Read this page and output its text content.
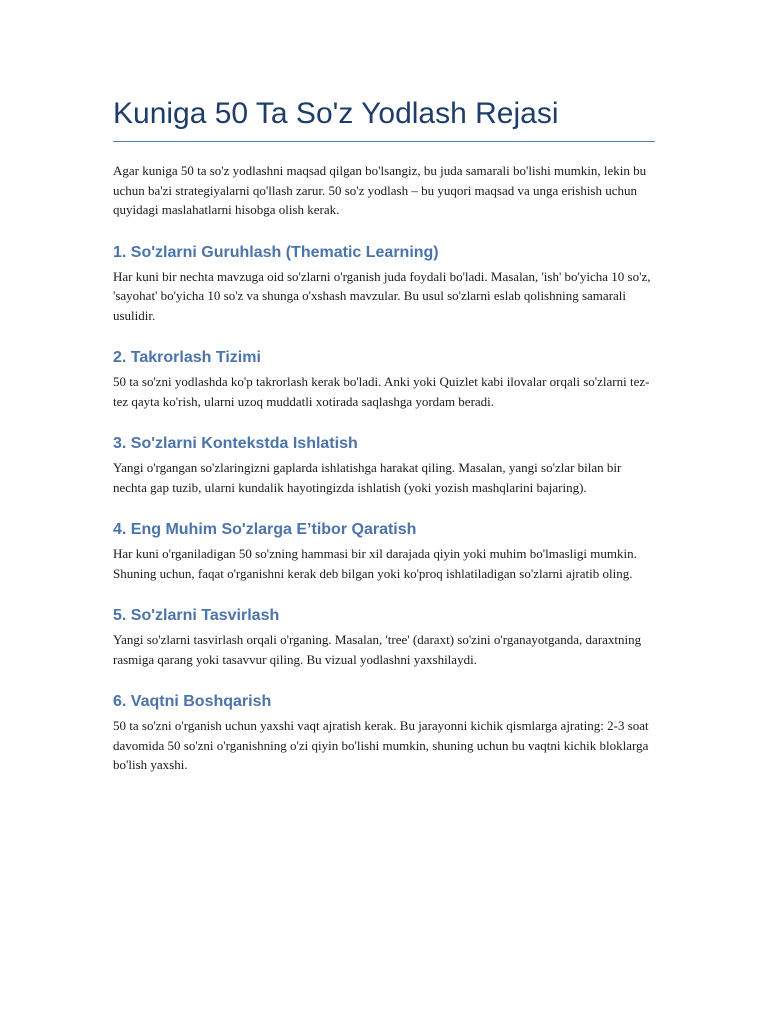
Kuniga 50 Ta So'z Yodlash Rejasi

Agar kuniga 50 ta so'z yodlashni maqsad qilgan bo'lsangiz, bu juda samarali bo'lishi mumkin, lekin bu uchun ba'zi strategiyalarni qo'llash zarur. 50 so'z yodlash – bu yuqori maqsad va unga erishish uchun quyidagi maslahatlarni hisobga olish kerak.

1. So'zlarni Guruhlash (Thematic Learning)

Har kuni bir nechta mavzuga oid so'zlarni o'rganish juda foydali bo'ladi. Masalan, 'ish' bo'yicha 10 so'z, 'sayohat' bo'yicha 10 so'z va shunga o'xshash mavzular. Bu usul so'zlarni eslab qolishning samarali usulidir.

2. Takrorlash Tizimi

50 ta so'zni yodlashda ko'p takrorlash kerak bo'ladi. Anki yoki Quizlet kabi ilovalar orqali so'zlarni tez-tez qayta ko'rish, ularni uzoq muddatli xotirada saqlashga yordam beradi.

3. So'zlarni Kontekstda Ishlatish

Yangi o'rgangan so'zlaringizni gaplarda ishlatishga harakat qiling. Masalan, yangi so'zlar bilan bir nechta gap tuzib, ularni kundalik hayotingizda ishlatish (yoki yozish mashqlarini bajaring).

4. Eng Muhim So'zlarga E’tibor Qaratish

Har kuni o'rganiladigan 50 so'zning hammasi bir xil darajada qiyin yoki muhim bo'lmasligi mumkin. Shuning uchun, faqat o'rganishni kerak deb bilgan yoki ko'proq ishlatiladigan so'zlarni ajratib oling.

5. So'zlarni Tasvirlash

Yangi so'zlarni tasvirlash orqali o'rganing. Masalan, 'tree' (daraxt) so'zini o'rganayotganda, daraxtning rasmiga qarang yoki tasavvur qiling. Bu vizual yodlashni yaxshilaydi.

6. Vaqtni Boshqarish

50 ta so'zni o'rganish uchun yaxshi vaqt ajratish kerak. Bu jarayonni kichik qismlarga ajrating: 2-3 soat davomida 50 so'zni o'rganishning o'zi qiyin bo'lishi mumkin, shuning uchun bu vaqtni kichik bloklarga bo'lish yaxshi.
